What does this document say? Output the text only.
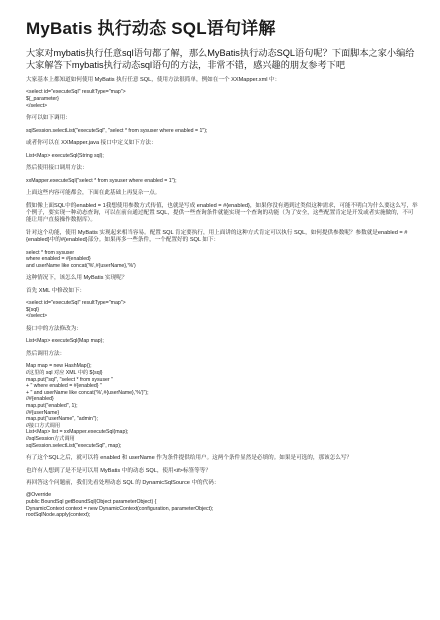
MyBatis 执行动态 SQL语句详解

大家对mybatis执行任意sql语句都了解，那么MyBatis执行动态SQL语句呢？下面脚本之家小编给大家解答下mybatis执行动态sql语句的方法，非常不错，感兴趣的朋友参考下吧

大家基本上都知道如何使用 MyBatis 执行任意 SQL，使用方法很简单，例如在一个 XXMapper.xml 中：

<select id="executeSql" resultType="map">
${_parameter}
</select>

你可以如下调用：

sqlSession.selectList("executeSql", "select * from sysuser where enabled = 1");

或者你可以在 XXMapper.java 接口中定义如下方法：

List<Map> executeSql(String sql);

然后使用接口调用方法：

xxMapper.executeSql("select * from sysuser where enabled = 1");

上面这些内容可能都会，下面在此基础上再复杂一点。

假如像上面SQL中的enabled = 1我想使用参数方式传值，也就是写成 enabled = #{enabled}，如果你没有遇到过类似这种需求，可能不明白为什么要这么写，举个例子，要实现一种动态查询，可以在前台通过配置 SQL，提供一些查询条件就能实现一个查询的功能（为了安全，这些配置肯定是开发或者实施做的，不可能让用户直接操作数据库）。

针对这个功能，使用 MyBatis 实现起来相当容易。配置 SQL 肯定要执行，用上面讲的这种方式肯定可以执行 SQL，如何提供参数呢？参数就是enabled = #{enabled}中的#{enabled}部分。如果再多一些条件，一个配置好的 SQL 如下：

select * from sysuser
where enabled = #{enabled}
and userName like concat('%',#{userName},'%')

这种情况下，该怎么用 MyBatis 实现呢？

首先 XML 中修改如下：

<select id="executeSql" resultType="map">
${sql}
</select>

接口中的方法修改为：

List<Map> executeSql(Map map);

然后调用方法：

Map map = new HashMap();
//这里的 sql 对应 XML 中的 ${sql}
map.put("sql", "select * from sysuser "
+ " where enabled = #{enabled} "
+ " and userName like concat('%',#{userName},'%')");
//#{enabled}
map.put("enabled", 1);
//#{userName}
map.put("userName", "admin");
//接口方式调用
List<Map> list = xxMapper.executeSql(map);
//sqlSession方式调用
sqlSession.selectList("executeSql", map);

有了这个SQL之后，就可以将 enabled 和 userName 作为条件提供给用户。这两个条件显然是必填的。如果是可选的，那该怎么写？

也许有人想到了是不是可以用 MyBatis 中的动态 SQL，使用<if>标签等等？

再回答这个问题前，我们先看处理动态 SQL 的 DynamicSqlSource 中的代码：

@Override
public BoundSql getBoundSql(Object parameterObject) {
DynamicContext context = new DynamicContext(configuration, parameterObject);
rootSqlNode.apply(context);
